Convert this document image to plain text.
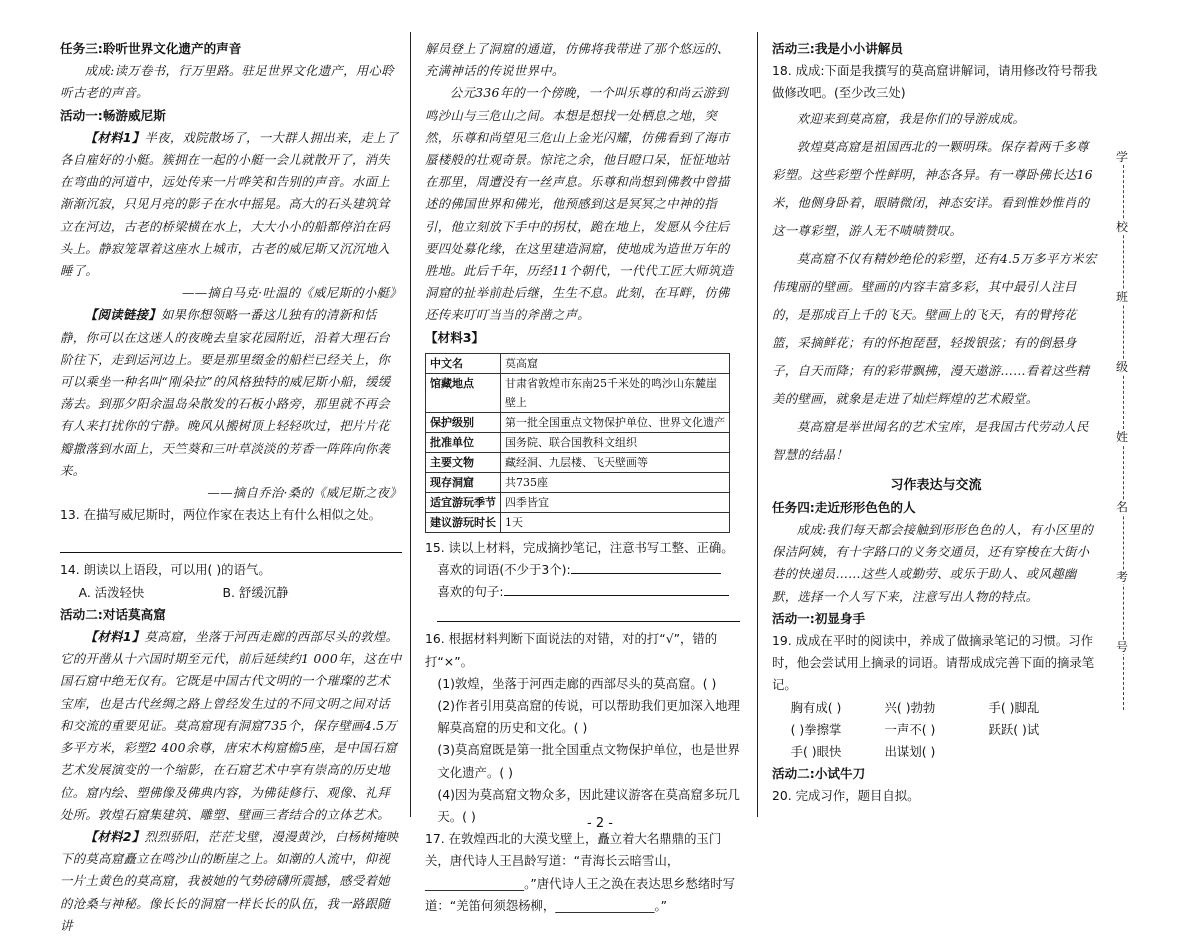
任务三:聆听世界文化遗产的声音

成成:读万卷书，行万里路。驻足世界文化遗产，用心聆听古老的声音。

活动一:畅游威尼斯

【材料1】半夜，戏院散场了，一大群人拥出来，走上了各自雇好的小艇。簇拥在一起的小艇一会儿就散开了，消失在弯曲的河道中，远处传来一片哗笑和告别的声音。水面上渐渐沉寂，只见月亮的影子在水中摇晃。高大的石头建筑耸立在河边，古老的桥梁横在水上，大大小小的船都停泊在码头上。静寂笼罩着这座水上城市，古老的威尼斯又沉沉地入睡了。

——摘自马克·吐温的《威尼斯的小艇》

【阅读链接】如果你想领略一番这儿独有的清新和恬静，你可以在这迷人的夜晚去皇家花园附近，沿着大理石台阶往下，走到运河边上。要是那里缀金的船栏已经关上，你可以乘坐一种名叫“刚朵拉”的风格独特的威尼斯小船，缓缓荡去。到那夕阳余温岛朵散发的石板小路旁，那里就不再会有人来打扰你的宁静。晚风从搬树顶上轻轻吹过，把片片花瓣撒落到水面上，天竺葵和三叶草淡淡的芳香一阵阵向你袭来。

——摘自乔治·桑的《威尼斯之夜》

13. 在描写威尼斯时，两位作家在表达上有什么相似之处。

14. 朗读以上语段，可以用( )的语气。

A. 活泼轻快	B. 舒缓沉静

活动二:对话莫高窟

【材料1】莫高窟，坐落于河西走廊的西部尽头的敦煌。它的开凿从十六国时期至元代，前后延续约1 000年，这在中国石窟中绝无仅有。它既是中国古代文明的一个璀璨的艺术宝库，也是古代丝绸之路上曾经发生过的不同文明之间对话和交流的重要见证。莫高窟现有洞窟735个，保存壁画4.5万多平方米，彩塑2 400余尊，唐宋木构窟檐5座，是中国石窟艺术发展演变的一个缩影，在石窟艺术中享有崇高的历史地位。窟内绘、塑佛像及佛典内容，为佛徒修行、观像、礼拜处所。敦煌石窟集建筑、雕塑、壁画三者结合的立体艺术。

【材料2】烈烈骄阳，茫茫戈壁，漫漫黄沙，白杨树掩映下的莫高窟矗立在鸣沙山的断崖之上。如潮的人流中，仰视一片土黄色的莫高窟，我被她的气势磅礴所震撼，感受着她的沧桑与神秘。像长长的洞窟一样长长的队伍，我一路跟随讲

解员登上了洞窟的通道，仿佛将我带进了那个悠远的、充满神话的传说世界中。

公元336年的一个傍晚，一个叫乐尊的和尚云游到鸣沙山与三危山之间。本想是想找一处栖息之地，突然，乐尊和尚望见三危山上金光闪耀，仿佛看到了海市蜃楼般的壮观奇景。惊诧之余，他目瞪口呆，怔怔地站在那里，周遭没有一丝声息。乐尊和尚想到佛教中曾描述的佛国世界和佛光，他预感到这是冥冥之中神的指引，他立刻放下手中的拐杖，跪在地上，发愿从今往后要四处募化缘，在这里建造洞窟，使地成为造世万年的胜地。此后千年，历经11个朝代，一代代工匠大师筑造洞窟的扯举前赴后继，生生不息。此刻，在耳畔，仿佛还传来叮叮当当的斧凿之声。

【材料3】

中文名	莫高窟
馆藏地点	甘肃省敦煌市东南25千米处的鸣沙山东麓崖壁上
保护级别	第一批全国重点文物保护单位、世界文化遗产
批准单位	国务院、联合国教科文组织
主要文物	藏经洞、九层楼、飞天壁画等
现存洞窟	共735座
适宜游玩季节	四季皆宜
建议游玩时长	1天

15. 读以上材料，完成摘抄笔记，注意书写工整、正确。

喜欢的词语(不少于3个):

喜欢的句子:

16. 根据材料判断下面说法的对错，对的打“√”，错的打“×”。

(1)敦煌，坐落于河西走廊的西部尽头的莫高窟。( )

(2)作者引用莫高窟的传说，可以帮助我们更加深入地理解莫高窟的历史和文化。( )

(3)莫高窟既是第一批全国重点文物保护单位，也是世界文化遗产。( )

(4)因为莫高窟文物众多，因此建议游客在莫高窟多玩几天。( )

17. 在敦煌西北的大漠戈壁上，矗立着大名鼎鼎的玉门关，唐代诗人王昌龄写道：“青海长云暗雪山，

________________。”唐代诗人王之涣在表达思乡愁绪时写道：“羌笛何须怨杨柳，________________。”

活动三:我是小小讲解员

18. 成成:下面是我撰写的莫高窟讲解词，请用修改符号帮我做修改吧。(至少改三处)

欢迎来到莫高窟，我是你们的导游成成。

敦煌莫高窟是祖国西北的一颗明珠。保存着两千多尊彩塑。这些彩塑个性鲜明，神态各异。有一尊卧佛长达16米，他侧身卧着，眼睛微闭，神态安详。看到惟妙惟肖的这一尊彩塑，游人无不啧啧赞叹。

莫高窟不仅有精妙绝伦的彩塑，还有4.5万多平方米宏伟瑰丽的壁画。壁画的内容丰富多彩，其中最引人注目的，是那成百上千的飞天。壁画上的飞天，有的臂挎花篮，采摘鲜花；有的怀抱琵琶，轻拨银弦；有的倒悬身子，自天而降；有的彩带飘拂，漫天遨游……看着这些精美的壁画，就象是走进了灿烂辉煌的艺术殿堂。

莫高窟是举世闻名的艺术宝库，是我国古代劳动人民智慧的结晶！

习作表达与交流

任务四:走近形形色色的人

成成:我们每天都会接触到形形色色的人，有小区里的保洁阿姨，有十字路口的义务交通员，还有穿梭在大街小巷的快递员……这些人或勤劳、或乐于助人、或风趣幽默，选择一个人写下来，注意写出人物的特点。

活动一:初显身手

19. 成成在平时的阅读中，养成了做摘录笔记的习惯。习作时，他会尝试用上摘录的词语。请帮成成完善下面的摘录笔记。

胸有成( )	兴( )勃勃	手( )脚乱

( )拳擦掌	一声不( )	跃跃( )试

手( )眼快	出谋划( )

活动二:小试牛刀

20. 完成习作，题目自拟。

学
校
班
级
姓
名
考
号
- 2 -
